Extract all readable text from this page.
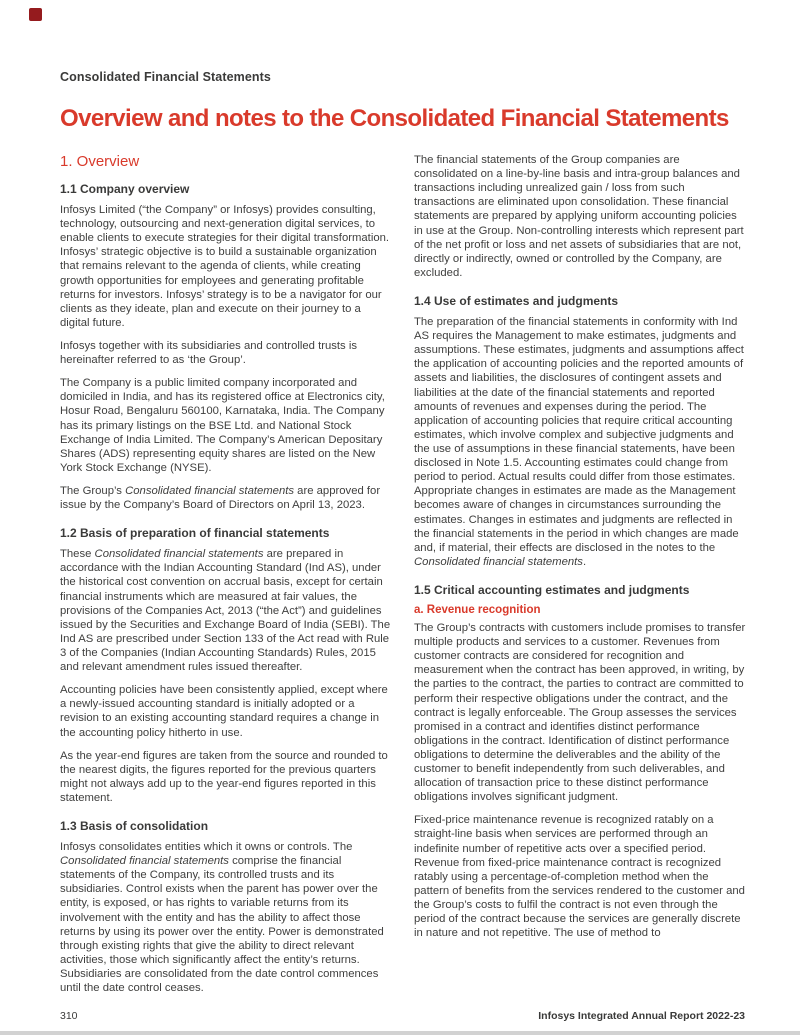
Consolidated Financial Statements
Overview and notes to the Consolidated Financial Statements
1. Overview
1.1 Company overview

Infosys Limited (“the Company” or Infosys) provides consulting, technology, outsourcing and next-generation digital services, to enable clients to execute strategies for their digital transformation. Infosys’ strategic objective is to build a sustainable organization that remains relevant to the agenda of clients, while creating growth opportunities for employees and generating profitable returns for investors. Infosys’ strategy is to be a navigator for our clients as they ideate, plan and execute on their journey to a digital future.

Infosys together with its subsidiaries and controlled trusts is hereinafter referred to as ‘the Group’.

The Company is a public limited company incorporated and domiciled in India, and has its registered office at Electronics city, Hosur Road, Bengaluru 560100, Karnataka, India. The Company has its primary listings on the BSE Ltd. and National Stock Exchange of India Limited. The Company’s American Depositary Shares (ADS) representing equity shares are listed on the New York Stock Exchange (NYSE).

The Group’s Consolidated financial statements are approved for issue by the Company’s Board of Directors on April 13, 2023.

1.2 Basis of preparation of financial statements

These Consolidated financial statements are prepared in accordance with the Indian Accounting Standard (Ind AS), under the historical cost convention on accrual basis, except for certain financial instruments which are measured at fair values, the provisions of the Companies Act, 2013 (“the Act”) and guidelines issued by the Securities and Exchange Board of India (SEBI). The Ind AS are prescribed under Section 133 of the Act read with Rule 3 of the Companies (Indian Accounting Standards) Rules, 2015 and relevant amendment rules issued thereafter.

Accounting policies have been consistently applied, except where a newly-issued accounting standard is initially adopted or a revision to an existing accounting standard requires a change in the accounting policy hitherto in use.

As the year-end figures are taken from the source and rounded to the nearest digits, the figures reported for the previous quarters might not always add up to the year-end figures reported in this statement.

1.3 Basis of consolidation

Infosys consolidates entities which it owns or controls. The Consolidated financial statements comprise the financial statements of the Company, its controlled trusts and its subsidiaries. Control exists when the parent has power over the entity, is exposed, or has rights to variable returns from its involvement with the entity and has the ability to affect those returns by using its power over the entity. Power is demonstrated through existing rights that give the ability to direct relevant activities, those which significantly affect the entity’s returns. Subsidiaries are consolidated from the date control commences until the date control ceases.

The financial statements of the Group companies are consolidated on a line-by-line basis and intra-group balances and transactions including unrealized gain / loss from such transactions are eliminated upon consolidation. These financial statements are prepared by applying uniform accounting policies in use at the Group. Non-controlling interests which represent part of the net profit or loss and net assets of subsidiaries that are not, directly or indirectly, owned or controlled by the Company, are excluded.

1.4 Use of estimates and judgments

The preparation of the financial statements in conformity with Ind AS requires the Management to make estimates, judgments and assumptions. These estimates, judgments and assumptions affect the application of accounting policies and the reported amounts of assets and liabilities, the disclosures of contingent assets and liabilities at the date of the financial statements and reported amounts of revenues and expenses during the period. The application of accounting policies that require critical accounting estimates, which involve complex and subjective judgments and the use of assumptions in these financial statements, have been disclosed in Note 1.5. Accounting estimates could change from period to period. Actual results could differ from those estimates. Appropriate changes in estimates are made as the Management becomes aware of changes in circumstances surrounding the estimates. Changes in estimates and judgments are reflected in the financial statements in the period in which changes are made and, if material, their effects are disclosed in the notes to the Consolidated financial statements.

1.5 Critical accounting estimates and judgments
a. Revenue recognition

The Group’s contracts with customers include promises to transfer multiple products and services to a customer. Revenues from customer contracts are considered for recognition and measurement when the contract has been approved, in writing, by the parties to the contract, the parties to contract are committed to perform their respective obligations under the contract, and the contract is legally enforceable. The Group assesses the services promised in a contract and identifies distinct performance obligations in the contract. Identification of distinct performance obligations to determine the deliverables and the ability of the customer to benefit independently from such deliverables, and allocation of transaction price to these distinct performance obligations involves significant judgment.

Fixed-price maintenance revenue is recognized ratably on a straight-line basis when services are performed through an indefinite number of repetitive acts over a specified period. Revenue from fixed-price maintenance contract is recognized ratably using a percentage-of-completion method when the pattern of benefits from the services rendered to the customer and the Group’s costs to fulfil the contract is not even through the period of the contract because the services are generally discrete in nature and not repetitive. The use of method to

310	Infosys Integrated Annual Report 2022-23
